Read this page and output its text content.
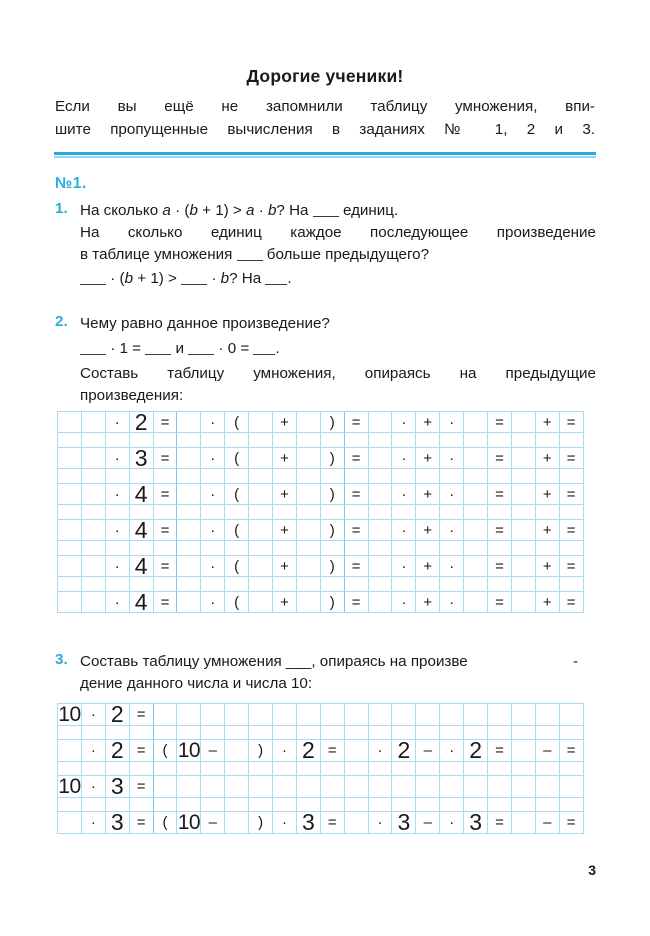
Дорогие ученики!
Если вы ещё не запомнили таблицу умножения, впи-
шите пропущенные вычисления в заданиях № 1, 2 и 3.
№1.
1. На сколько a · (b + 1) > a · b? На  единиц.
На сколько единиц каждое последующее произведение
в таблице умножения  больше предыдущего?
· (b + 1) >  · b? На .
2. Чему равно данное произведение?
· 1 =  и  · 0 = .
Составь таблицу умножения, опираясь на предыдущие
произведения:
· 2 =	·	(	+	)	=	·	+	·	=	+	=
· 3 =	·	(	+	)	=	·	+	·	=	+	=
· 4 =	·	(	+	)	=	·	+	·	=	+	=
· 4 =	·	(	+	)	=	·	+	·	=	+	=
· 4 =	·	(	+	)	=	·	+	·	=	+	=
· 4 =	·	(	+	)	=	·	+	·	=	+	=
3. Составь таблицу умножения ___, опираясь на произве	-
дение данного числа и числа 10:
10 · 2 =
· 2 =	( 10 –	)	· 2 =	· 2 –	· 2 =	–	=
10 · 3 =
· 3 =	( 10 –	)	· 3 =	· 3 –	· 3 =	–	=
3
